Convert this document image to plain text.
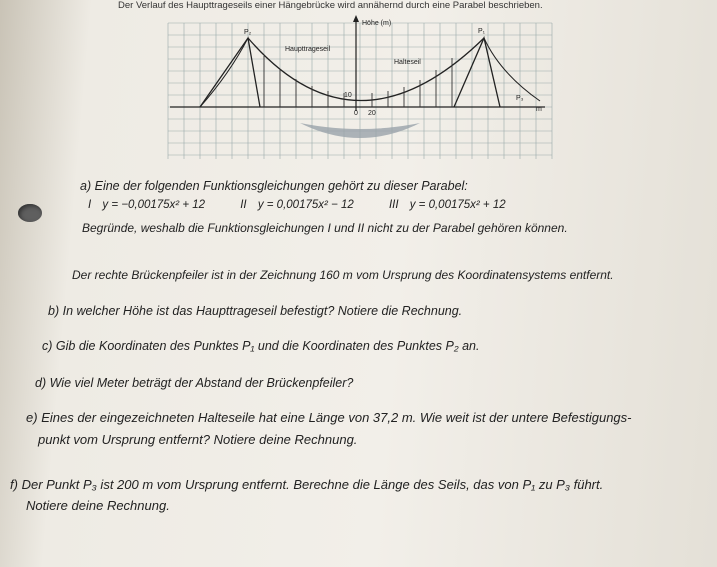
Der Verlauf des Haupttrageseils einer Hängebrücke wird annähernd durch eine Parabel beschrieben.
Höhe (m)
P₂	P₁
P₃
Haupttrageseil
Halteseil
m
10
0 20
a) Eine der folgenden Funktionsgleichungen gehört zu dieser Parabel:
I y = −0,00175x² + 12	II y = 0,00175x² − 12	III y = 0,00175x² + 12
Begründe, weshalb die Funktionsgleichungen I und II nicht zu der Parabel gehören können.
Der rechte Brückenpfeiler ist in der Zeichnung 160 m vom Ursprung des Koordinatensystems entfernt.
b) In welcher Höhe ist das Haupttrageseil befestigt? Notiere die Rechnung.
c) Gib die Koordinaten des Punktes P₁ und die Koordinaten des Punktes P₂ an.
d) Wie viel Meter beträgt der Abstand der Brückenpfeiler?
e) Eines der eingezeichneten Halteseile hat eine Länge von 37,2 m. Wie weit ist der untere Befestigungs-
punkt vom Ursprung entfernt? Notiere deine Rechnung.
f) Der Punkt P₃ ist 200 m vom Ursprung entfernt. Berechne die Länge des Seils, das von P₁ zu P₃ führt.
Notiere deine Rechnung.
